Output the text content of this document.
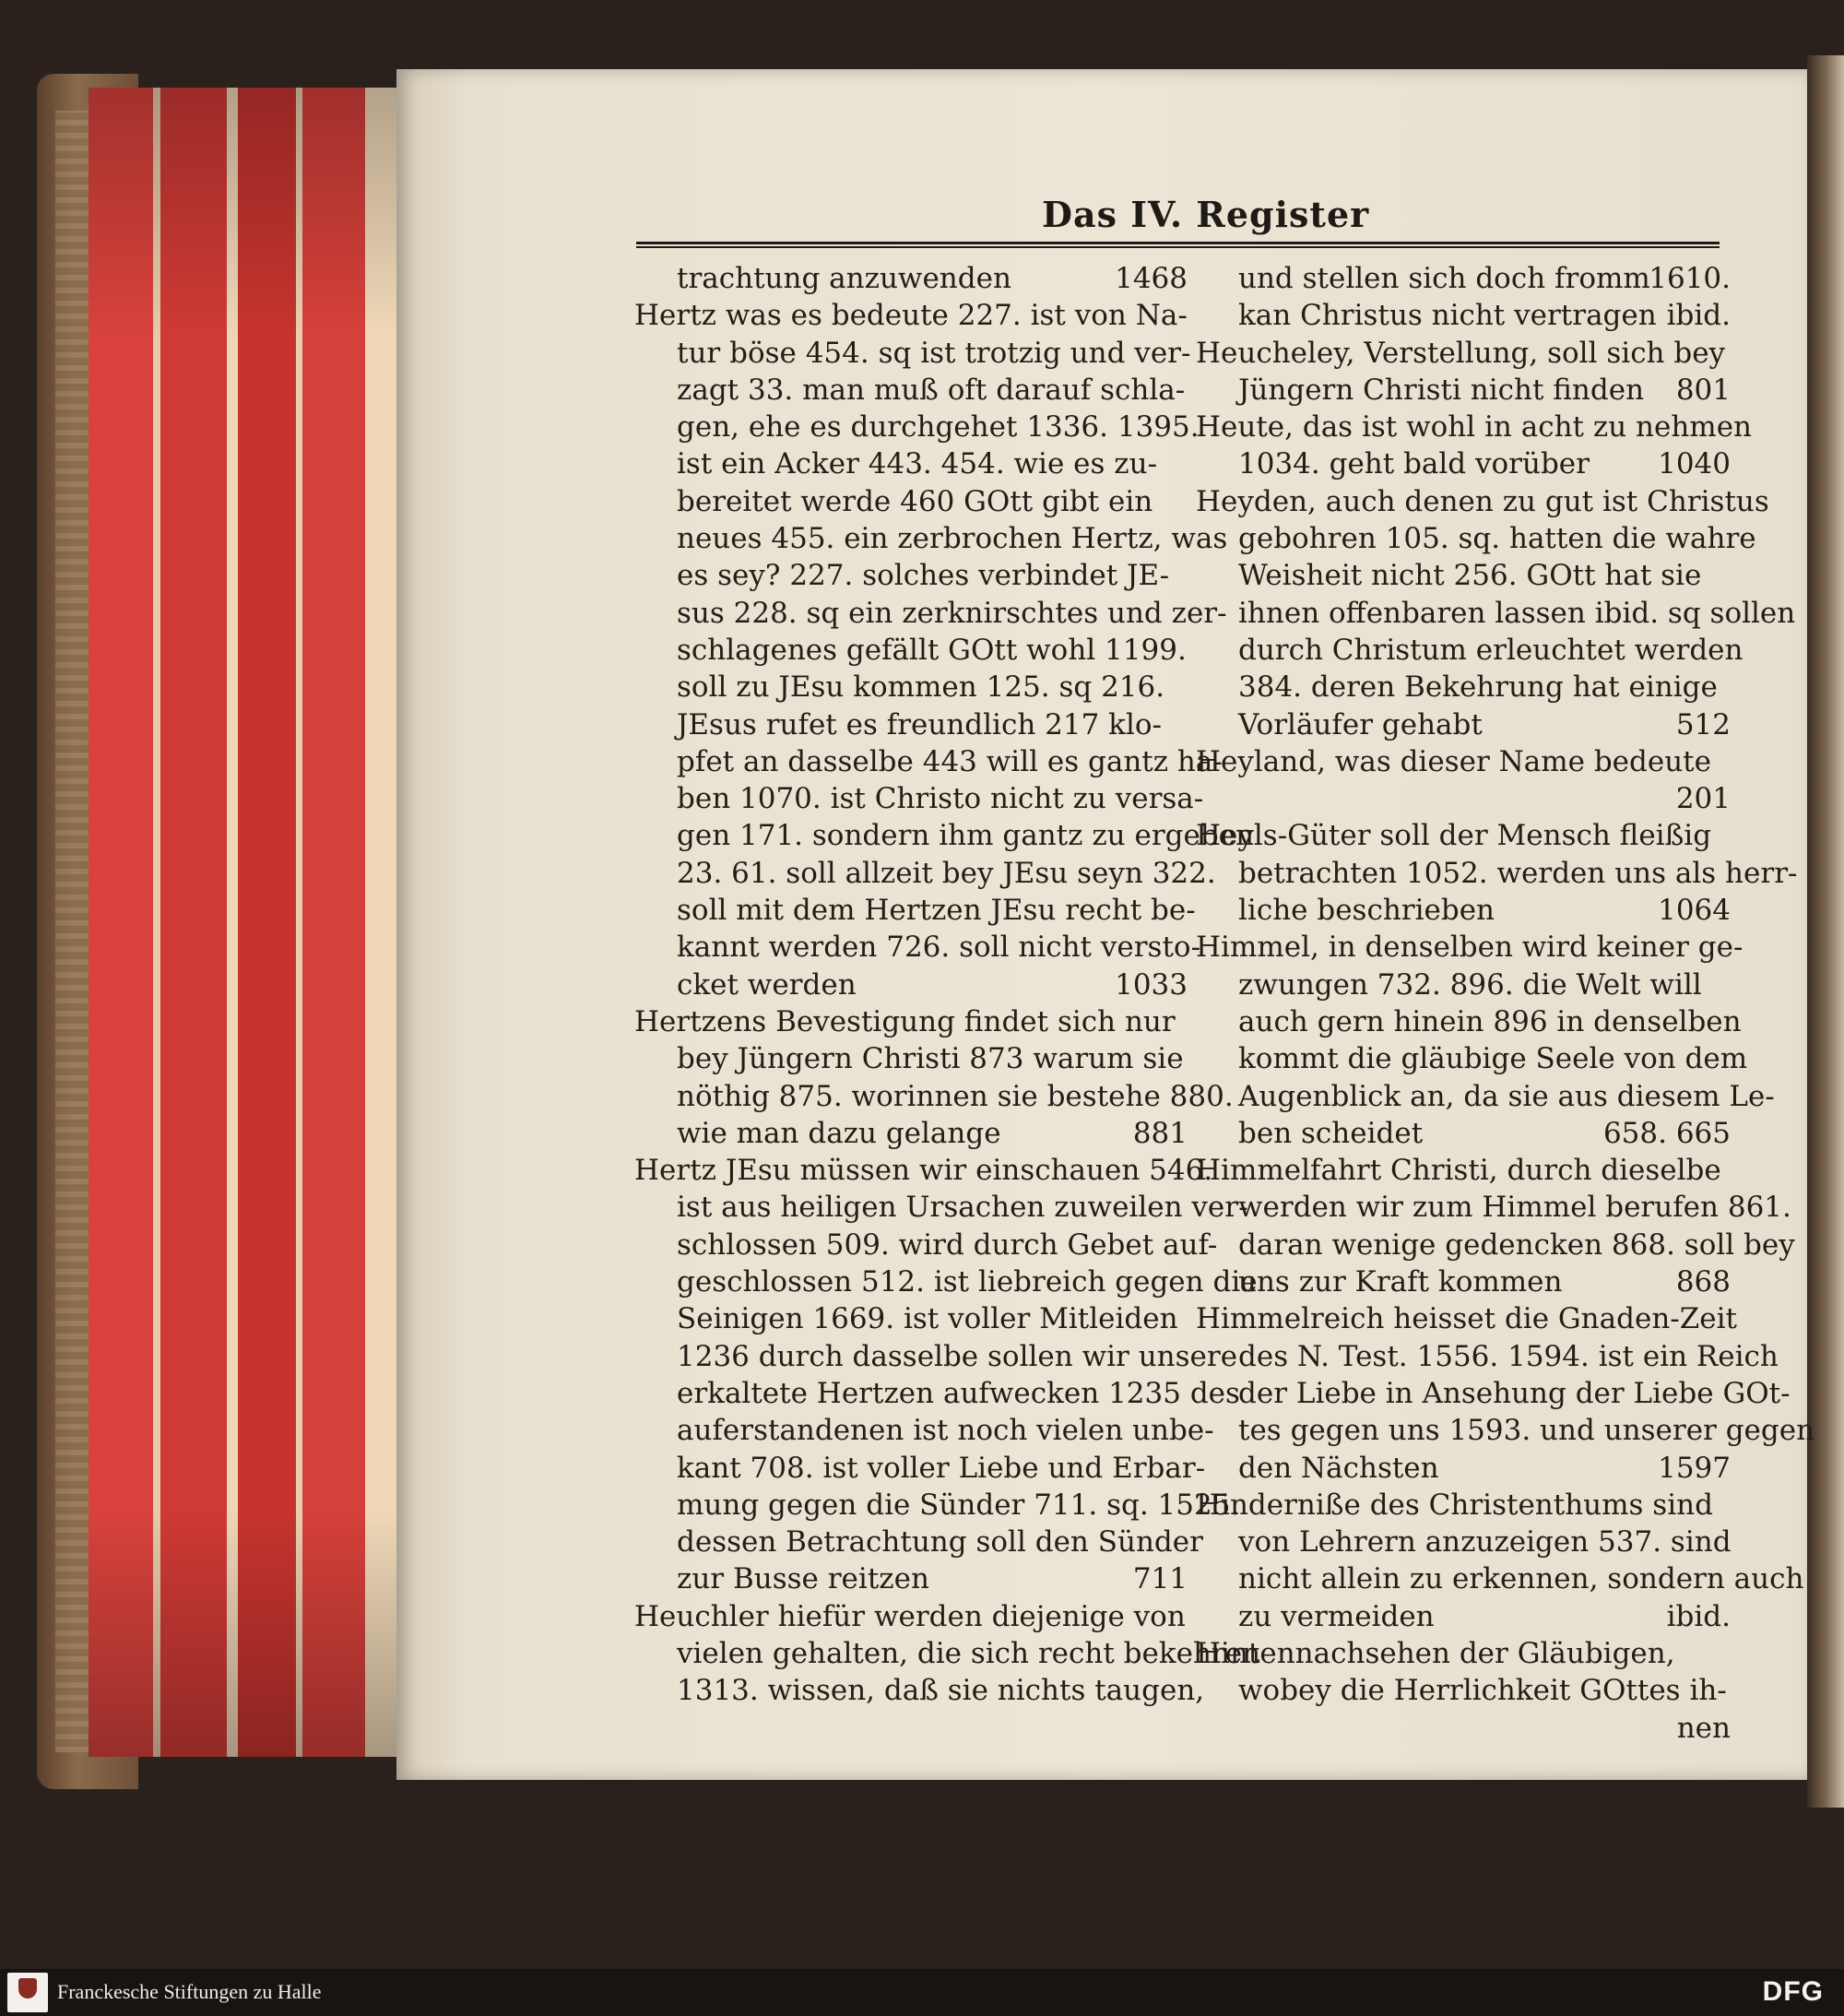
Das IV. Register
1468
trachtung anzuwenden
Hertz was es bedeute 227. ist von Na-
tur böse 454. sq ist trotzig und ver-
zagt 33. man muß oft darauf schla-
gen, ehe es durchgehet 1336. 1395.
ist ein Acker 443. 454. wie es zu-
bereitet werde 460 GOtt gibt ein
neues 455. ein zerbrochen Hertz, was
es sey? 227. solches verbindet JE-
sus 228. sq ein zerknirschtes und zer-
schlagenes gefällt GOtt wohl 1199.
soll zu JEsu kommen 125. sq 216.
JEsus rufet es freundlich 217 klo-
pfet an dasselbe 443 will es gantz ha-
ben 1070. ist Christo nicht zu versa-
gen 171. sondern ihm gantz zu ergeben
23. 61. soll allzeit bey JEsu seyn 322.
soll mit dem Hertzen JEsu recht be-
kannt werden 726. soll nicht versto-
1033
cket werden
Hertzens Bevestigung findet sich nur
bey Jüngern Christi 873 warum sie
nöthig 875. worinnen sie bestehe 880.
881
wie man dazu gelange
Hertz JEsu müssen wir einschauen 546.
ist aus heiligen Ursachen zuweilen ver-
schlossen 509. wird durch Gebet auf-
geschlossen 512. ist liebreich gegen die
Seinigen 1669. ist voller Mitleiden
1236 durch dasselbe sollen wir unsere
erkaltete Hertzen aufwecken 1235 des
auferstandenen ist noch vielen unbe-
kant 708. ist voller Liebe und Erbar-
mung gegen die Sünder 711. sq. 1525.
dessen Betrachtung soll den Sünder
711
zur Busse reitzen
Heuchler hiefür werden diejenige von
vielen gehalten, die sich recht bekehren
1313. wissen, daß sie nichts taugen,
1610.
und stellen sich doch fromm
ibid.
kan Christus nicht vertragen
Heucheley, Verstellung, soll sich bey
801
Jüngern Christi nicht finden
Heute, das ist wohl in acht zu nehmen
1040
1034. geht bald vorüber
Heyden, auch denen zu gut ist Christus
gebohren 105. sq. hatten die wahre
Weisheit nicht 256. GOtt hat sie
ihnen offenbaren lassen ibid. sq sollen
durch Christum erleuchtet werden
384. deren Bekehrung hat einige
512
Vorläufer gehabt
Heyland, was dieser Name bedeute
201
Heyls-Güter soll der Mensch fleißig
betrachten 1052. werden uns als herr-
1064
liche beschrieben
Himmel, in denselben wird keiner ge-
zwungen 732. 896. die Welt will
auch gern hinein 896 in denselben
kommt die gläubige Seele von dem
Augenblick an, da sie aus diesem Le-
658. 665
ben scheidet
Himmelfahrt Christi, durch dieselbe
werden wir zum Himmel berufen 861.
daran wenige gedencken 868. soll bey
868
uns zur Kraft kommen
Himmelreich heisset die Gnaden-Zeit
des N. Test. 1556. 1594. ist ein Reich
der Liebe in Ansehung der Liebe GOt-
tes gegen uns 1593. und unserer gegen
1597
den Nächsten
Hinderniße des Christenthums sind
von Lehrern anzuzeigen 537. sind
nicht allein zu erkennen, sondern auch
ibid.
zu vermeiden
Hintennachsehen der Gläubigen,
wobey die Herrlichkeit GOttes ih-
nen
Franckesche Stiftungen zu Halle	DFG
